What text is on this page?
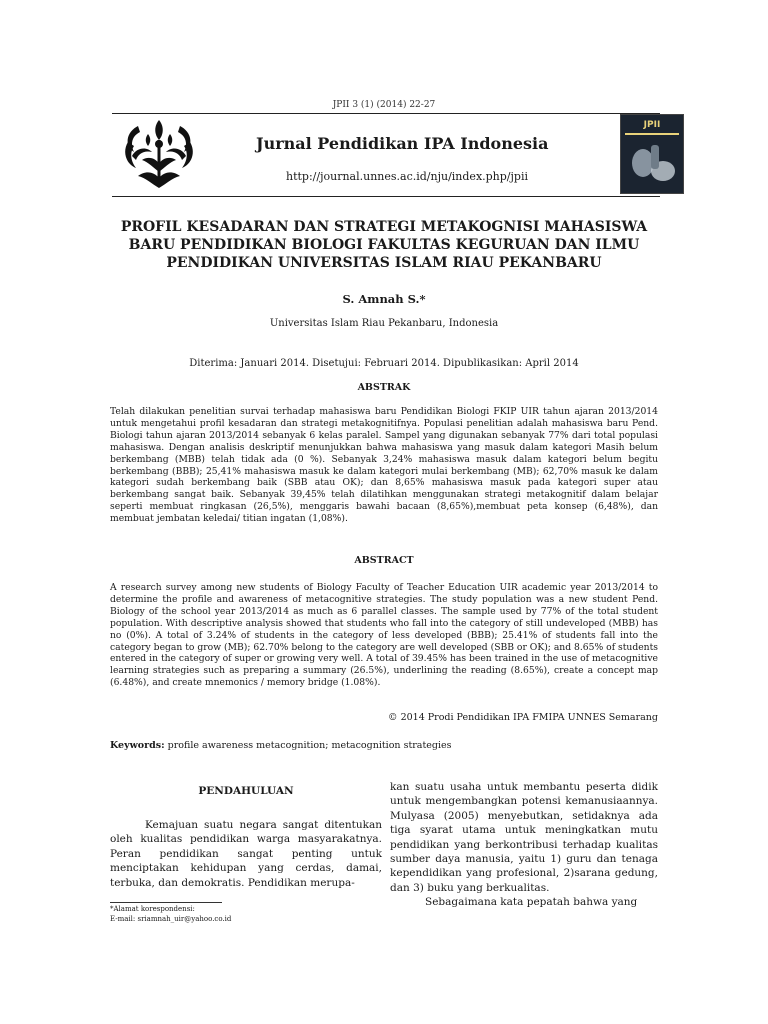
JPII 3 (1) (2014) 22-27
Jurnal Pendidikan IPA Indonesia
http://journal.unnes.ac.id/nju/index.php/jpii
JPII
PROFIL KESADARAN DAN STRATEGI METAKOGNISI MAHASISWA
BARU PENDIDIKAN BIOLOGI FAKULTAS KEGURUAN DAN ILMU
PENDIDIKAN UNIVERSITAS ISLAM RIAU PEKANBARU
S. Amnah S.*
Universitas Islam Riau Pekanbaru, Indonesia
Diterima: Januari 2014. Disetujui: Februari 2014. Dipublikasikan: April 2014
ABSTRAK
Telah dilakukan penelitian survai terhadap mahasiswa baru Pendidikan Biologi FKIP UIR tahun ajaran 2013/2014 untuk mengetahui profil kesadaran dan strategi metakognitifnya. Populasi penelitian adalah mahasiswa baru Pend. Biologi tahun ajaran 2013/2014 sebanyak 6 kelas paralel. Sampel yang digunakan sebanyak 77% dari total populasi mahasiswa. Dengan analisis deskriptif menunjukkan bahwa mahasiswa yang masuk dalam kategori Masih belum berkembang (MBB) telah tidak ada (0 %). Sebanyak 3,24% mahasiswa masuk dalam kategori belum begitu berkembang (BBB); 25,41% mahasiswa masuk ke dalam kategori mulai berkembang (MB); 62,70% masuk ke dalam kategori sudah berkembang baik (SBB atau OK); dan 8,65% mahasiswa masuk pada kategori super atau berkembang sangat baik. Sebanyak 39,45% telah dilatihkan menggunakan strategi metakognitif dalam belajar seperti membuat ringkasan (26,5%), menggaris bawahi bacaan (8,65%),membuat peta konsep (6,48%), dan membuat jembatan keledai/ titian ingatan (1,08%).
ABSTRACT
A research survey among new students of Biology Faculty of Teacher Education UIR academic year 2013/2014 to determine the profile and awareness of metacognitive strategies. The study population was a new student Pend. Biology of the school year 2013/2014 as much as 6 parallel classes. The sample used by 77% of the total student population. With descriptive analysis showed that students who fall into the category of still undeveloped (MBB) has no (0%). A total of 3.24% of students in the category of less developed (BBB); 25.41% of students fall into the category began to grow (MB); 62.70% belong to the category are well developed (SBB or OK); and 8.65% of students entered in the category of super or growing very well. A total of 39.45% has been trained in the use of metacognitive learning strategies such as preparing a summary (26.5%), underlining the reading (8.65%), create a concept map (6.48%), and create mnemonics / memory bridge (1.08%).
© 2014 Prodi Pendidikan IPA FMIPA UNNES Semarang
Keywords: profile awareness metacognition; metacognition strategies
PENDAHULUAN

Kemajuan suatu negara sangat ditentukan oleh kualitas pendidikan warga masyarakatnya. Peran pendidikan sangat penting untuk menciptakan kehidupan yang cerdas, damai, terbuka, dan demokratis. Pendidikan merupa-

kan suatu usaha untuk membantu peserta didik untuk mengembangkan potensi kemanusiaannya. Mulyasa (2005) menyebutkan, setidaknya ada tiga syarat utama untuk meningkatkan mutu pendidikan yang berkontribusi terhadap kualitas sumber daya manusia, yaitu 1) guru dan tenaga kependidikan yang profesional, 2)sarana gedung, dan 3) buku yang berkualitas.

Sebagaimana kata pepatah bahwa yang

*Alamat korespondensi:
E-mail: sriamnah_uir@yahoo.co.id
